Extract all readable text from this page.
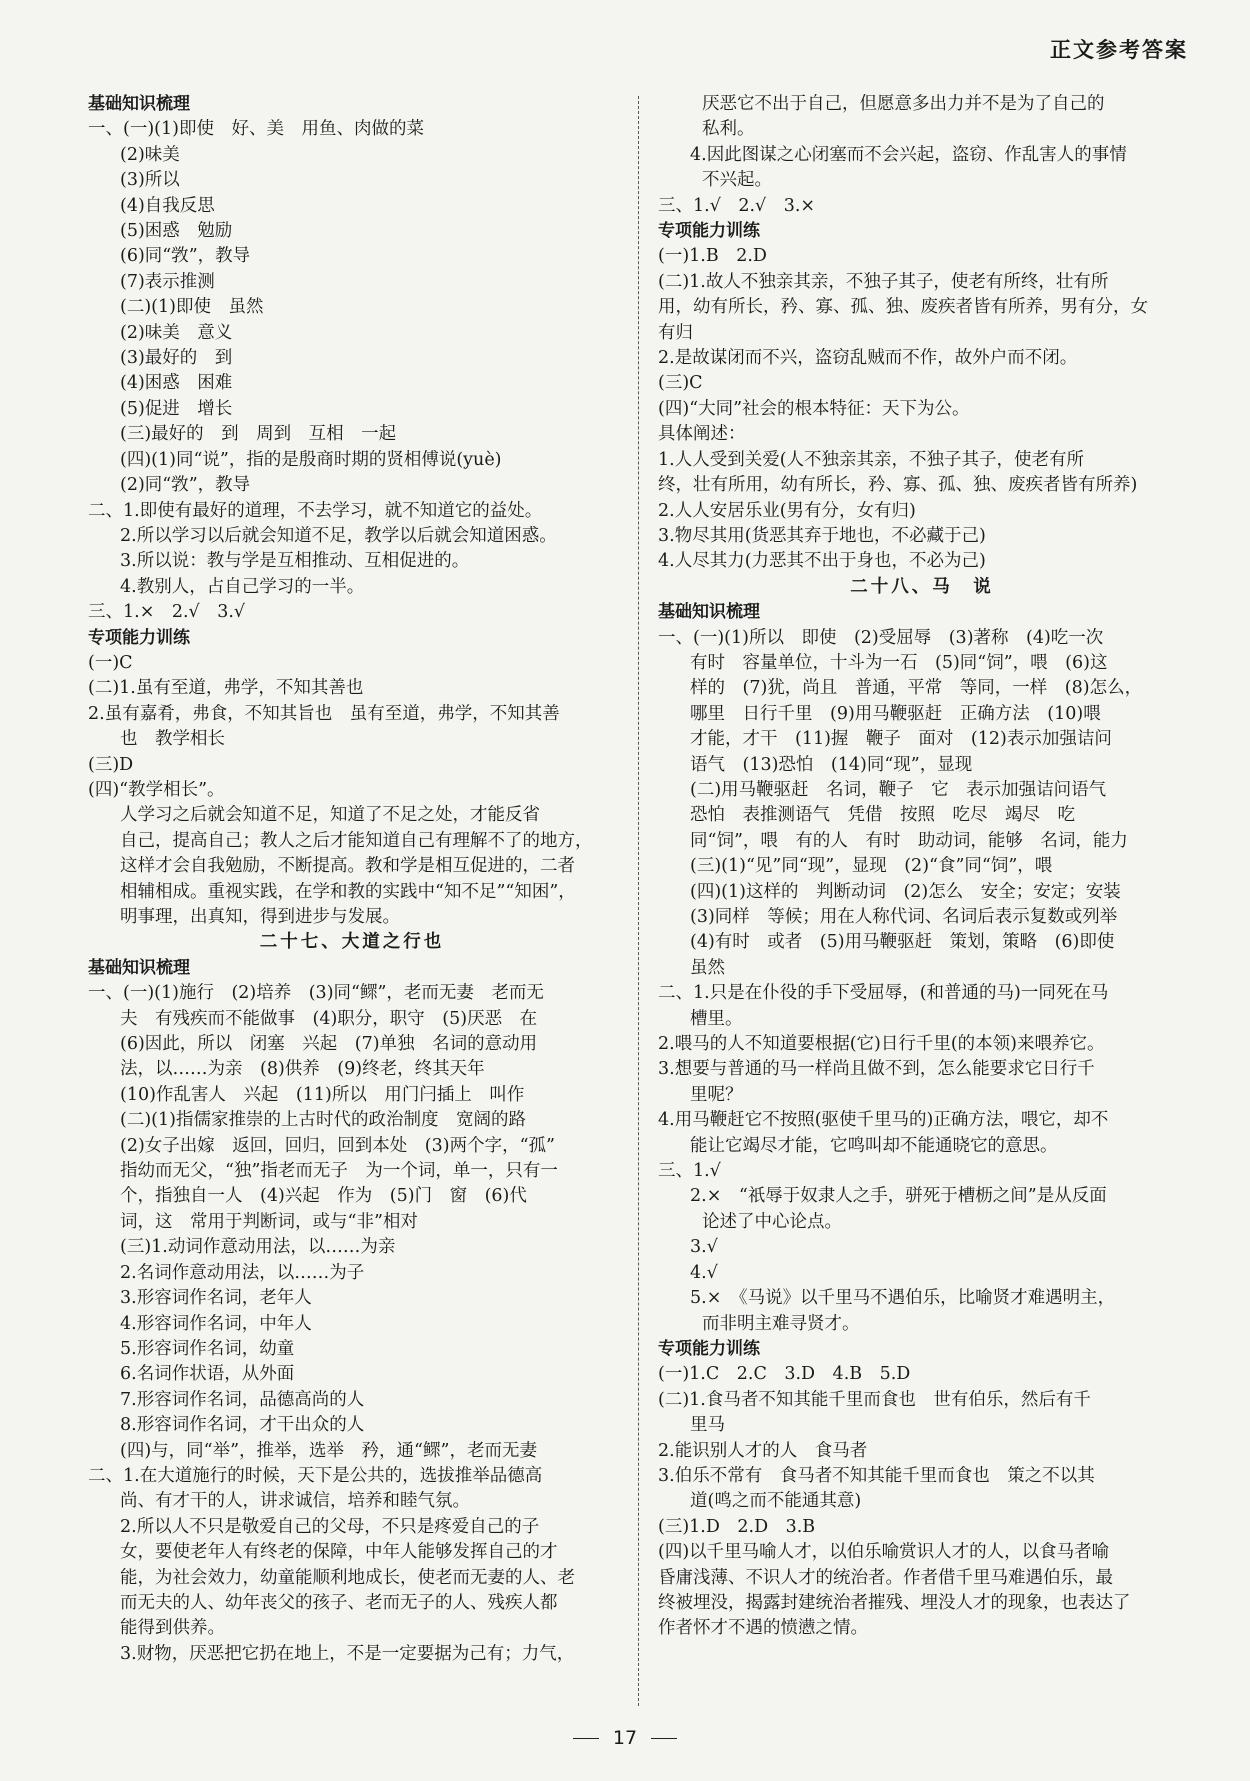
正文参考答案
基础知识梳理
一、(一)(1)即使　好、美　用鱼、肉做的菜
(2)味美
(3)所以
(4)自我反思
(5)困惑　勉励
(6)同“敩”，教导
(7)表示推测
(二)(1)即使　虽然
(2)味美　意义
(3)最好的　到
(4)困惑　困难
(5)促进　增长
(三)最好的　到　周到　互相　一起
(四)(1)同“说”，指的是殷商时期的贤相傅说(yuè)
(2)同“敩”，教导
二、1.即使有最好的道理，不去学习，就不知道它的益处。
2.所以学习以后就会知道不足，教学以后就会知道困惑。
3.所以说：教与学是互相推动、互相促进的。
4.教别人，占自己学习的一半。
三、1.×　2.√　3.√
专项能力训练
(一)C
(二)1.虽有至道，弗学，不知其善也
2.虽有嘉肴，弗食，不知其旨也　虽有至道，弗学，不知其善
也　教学相长
(三)D
(四)“教学相长”。
人学习之后就会知道不足，知道了不足之处，才能反省
自己，提高自己；教人之后才能知道自己有理解不了的地方，
这样才会自我勉励，不断提高。教和学是相互促进的，二者
相辅相成。重视实践，在学和教的实践中“知不足”“知困”，
明事理，出真知，得到进步与发展。
二十七、大道之行也
基础知识梳理
一、(一)(1)施行　(2)培养　(3)同“鳏”，老而无妻　老而无
夫　有残疾而不能做事　(4)职分，职守　(5)厌恶　在
(6)因此，所以　闭塞　兴起　(7)单独　名词的意动用
法，以……为亲　(8)供养　(9)终老，终其天年
(10)作乱害人　兴起　(11)所以　用门闩插上　叫作
(二)(1)指儒家推崇的上古时代的政治制度　宽阔的路
(2)女子出嫁　返回，回归，回到本处　(3)两个字，“孤”
指幼而无父，“独”指老而无子　为一个词，单一，只有一
个，指独自一人　(4)兴起　作为　(5)门　窗　(6)代
词，这　常用于判断词，或与“非”相对
(三)1.动词作意动用法，以……为亲
2.名词作意动用法，以……为子
3.形容词作名词，老年人
4.形容词作名词，中年人
5.形容词作名词，幼童
6.名词作状语，从外面
7.形容词作名词，品德高尚的人
8.形容词作名词，才干出众的人
(四)与，同“举”，推举，选举　矜，通“鳏”，老而无妻
二、1.在大道施行的时候，天下是公共的，选拔推举品德高
尚、有才干的人，讲求诚信，培养和睦气氛。
2.所以人不只是敬爱自己的父母，不只是疼爱自己的子
女，要使老年人有终老的保障，中年人能够发挥自己的才
能，为社会效力，幼童能顺利地成长，使老而无妻的人、老
而无夫的人、幼年丧父的孩子、老而无子的人、残疾人都
能得到供养。
3.财物，厌恶把它扔在地上，不是一定要据为己有；力气，
厌恶它不出于自己，但愿意多出力并不是为了自己的
私利。
4.因此图谋之心闭塞而不会兴起，盗窃、作乱害人的事情
不兴起。
三、1.√　2.√　3.×
专项能力训练
(一)1.B　2.D
(二)1.故人不独亲其亲，不独子其子，使老有所终，壮有所
用，幼有所长，矜、寡、孤、独、废疾者皆有所养，男有分，女
有归
2.是故谋闭而不兴，盗窃乱贼而不作，故外户而不闭。
(三)C
(四)“大同”社会的根本特征：天下为公。
具体阐述：
1.人人受到关爱(人不独亲其亲，不独子其子，使老有所
终，壮有所用，幼有所长，矜、寡、孤、独、废疾者皆有所养)
2.人人安居乐业(男有分，女有归)
3.物尽其用(货恶其弃于地也，不必藏于己)
4.人尽其力(力恶其不出于身也，不必为己)
二十八、马　说
基础知识梳理
一、(一)(1)所以　即使　(2)受屈辱　(3)著称　(4)吃一次
有时　容量单位，十斗为一石　(5)同“饲”，喂　(6)这
样的　(7)犹，尚且　普通，平常　等同，一样　(8)怎么，
哪里　日行千里　(9)用马鞭驱赶　正确方法　(10)喂
才能，才干　(11)握　鞭子　面对　(12)表示加强诘问
语气　(13)恐怕　(14)同“现”，显现
(二)用马鞭驱赶　名词，鞭子　它　表示加强诘问语气
恐怕　表推测语气　凭借　按照　吃尽　竭尽　吃
同“饲”，喂　有的人　有时　助动词，能够　名词，能力
(三)(1)“见”同“现”，显现　(2)“食”同“饲”，喂
(四)(1)这样的　判断动词　(2)怎么　安全；安定；安装
(3)同样　等候；用在人称代词、名词后表示复数或列举
(4)有时　或者　(5)用马鞭驱赶　策划，策略　(6)即使
虽然
二、1.只是在仆役的手下受屈辱，(和普通的马)一同死在马
槽里。
2.喂马的人不知道要根据(它)日行千里(的本领)来喂养它。
3.想要与普通的马一样尚且做不到，怎么能要求它日行千
里呢？
4.用马鞭赶它不按照(驱使千里马的)正确方法，喂它，却不
能让它竭尽才能，它鸣叫却不能通晓它的意思。
三、1.√
2.×　“祇辱于奴隶人之手，骈死于槽枥之间”是从反面
论述了中心论点。
3.√
4.√
5.×　《马说》以千里马不遇伯乐，比喻贤才难遇明主，
而非明主难寻贤才。
专项能力训练
(一)1.C　2.C　3.D　4.B　5.D
(二)1.食马者不知其能千里而食也　世有伯乐，然后有千
里马
2.能识别人才的人　食马者
3.伯乐不常有　食马者不知其能千里而食也　策之不以其
道(鸣之而不能通其意)
(三)1.D　2.D　3.B
(四)以千里马喻人才，以伯乐喻赏识人才的人，以食马者喻
昏庸浅薄、不识人才的统治者。作者借千里马难遇伯乐，最
终被埋没，揭露封建统治者摧残、埋没人才的现象，也表达了
作者怀才不遇的愤懑之情。
17
